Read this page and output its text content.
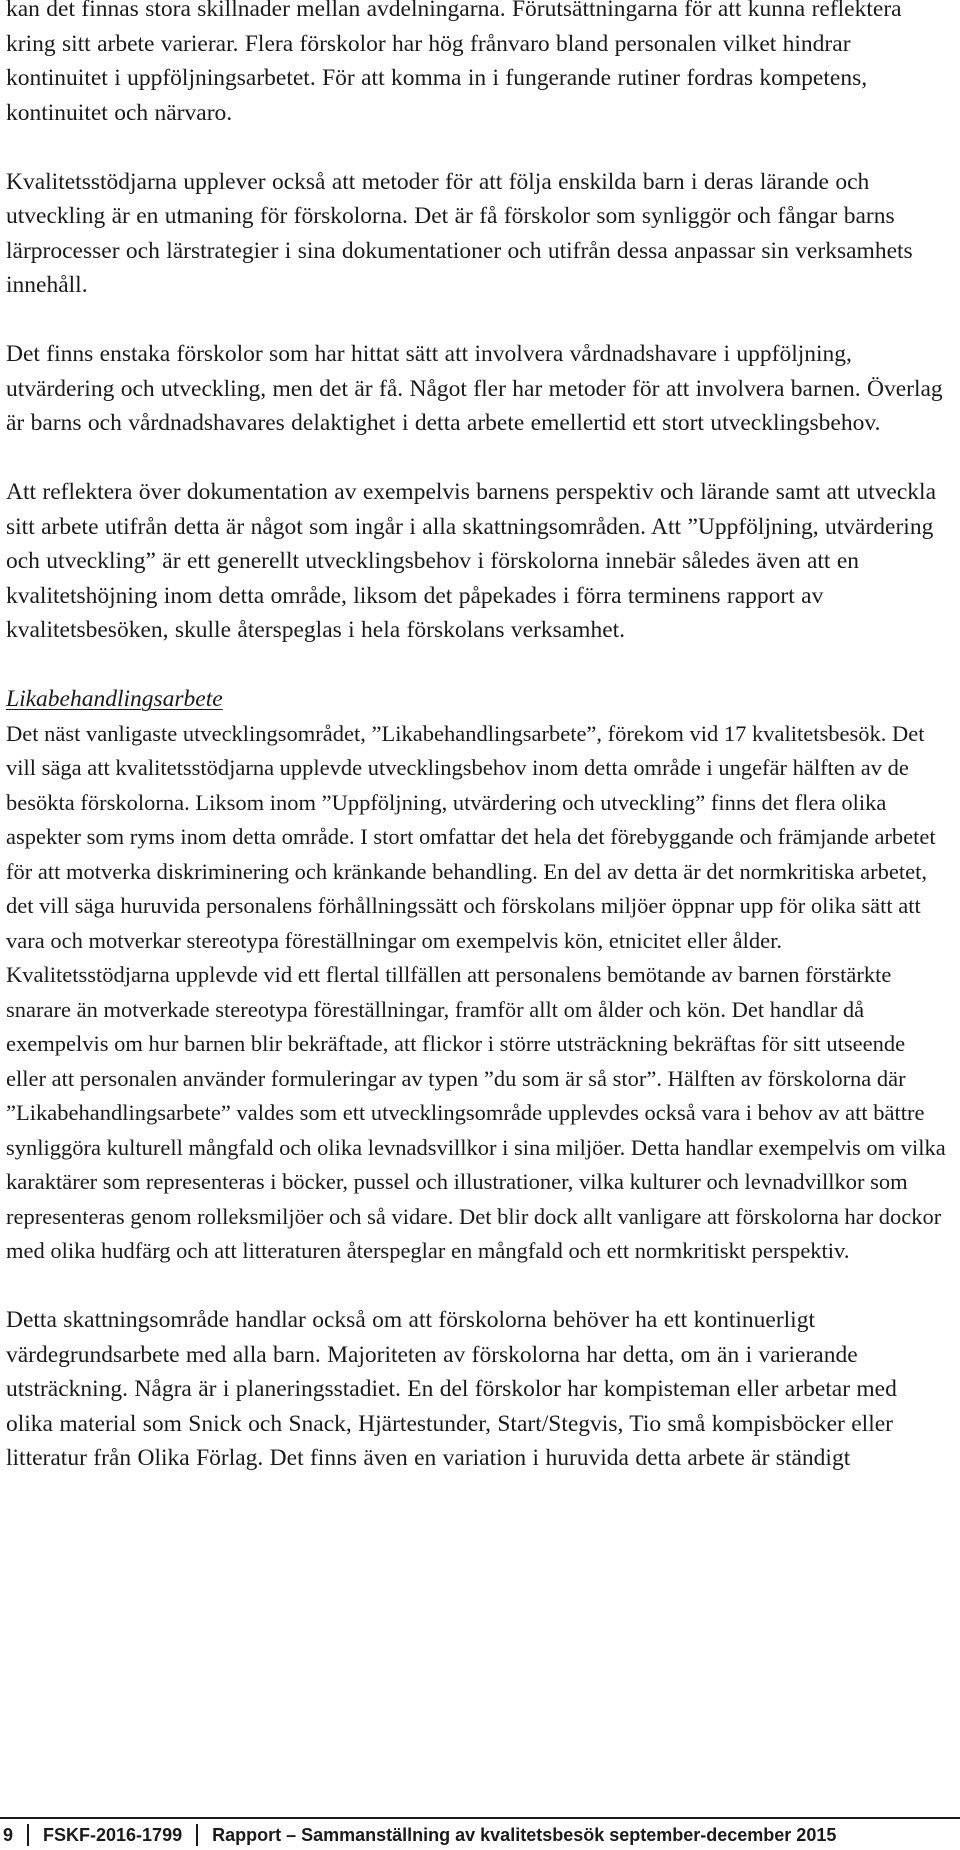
kan det finnas stora skillnader mellan avdelningarna. Förutsättningarna för att kunna reflektera kring sitt arbete varierar. Flera förskolor har hög frånvaro bland personalen vilket hindrar kontinuitet i uppföljningsarbetet. För att komma in i fungerande rutiner fordras kompetens, kontinuitet och närvaro.

Kvalitetsstödjarna upplever också att metoder för att följa enskilda barn i deras lärande och utveckling är en utmaning för förskolorna. Det är få förskolor som synliggör och fångar barns lärprocesser och lärstrategier i sina dokumentationer och utifrån dessa anpassar sin verksamhets innehåll.

Det finns enstaka förskolor som har hittat sätt att involvera vårdnadshavare i uppföljning, utvärdering och utveckling, men det är få. Något fler har metoder för att involvera barnen. Överlag är barns och vårdnadshavares delaktighet i detta arbete emellertid ett stort utvecklingsbehov.

Att reflektera över dokumentation av exempelvis barnens perspektiv och lärande samt att utveckla sitt arbete utifrån detta är något som ingår i alla skattningsområden. Att ”Uppföljning, utvärdering och utveckling” är ett generellt utvecklingsbehov i förskolorna innebär således även att en kvalitetshöjning inom detta område, liksom det påpekades i förra terminens rapport av kvalitetsbesöken, skulle återspeglas i hela förskolans verksamhet.

Likabehandlingsarbete

Det näst vanligaste utvecklingsområdet, ”Likabehandlingsarbete”, förekom vid 17 kvalitetsbesök. Det vill säga att kvalitetsstödjarna upplevde utvecklingsbehov inom detta område i ungefär hälften av de besökta förskolorna. Liksom inom ”Uppföljning, utvärdering och utveckling” finns det flera olika aspekter som ryms inom detta område. I stort omfattar det hela det förebyggande och främjande arbetet för att motverka diskriminering och kränkande behandling. En del av detta är det normkritiska arbetet, det vill säga huruvida personalens förhållningssätt och förskolans miljöer öppnar upp för olika sätt att vara och motverkar stereotypa föreställningar om exempelvis kön, etnicitet eller ålder. Kvalitetsstödjarna upplevde vid ett flertal tillfällen att personalens bemötande av barnen förstärkte snarare än motverkade stereotypa föreställningar, framför allt om ålder och kön. Det handlar då exempelvis om hur barnen blir bekräftade, att flickor i större utsträckning bekräftas för sitt utseende eller att personalen använder formuleringar av typen ”du som är så stor”. Hälften av förskolorna där ”Likabehandlingsarbete” valdes som ett utvecklingsområde upplevdes också vara i behov av att bättre synliggöra kulturell mångfald och olika levnadsvillkor i sina miljöer. Detta handlar exempelvis om vilka karaktärer som representeras i böcker, pussel och illustrationer, vilka kulturer och levnadvillkor som representeras genom rolleksmiljöer och så vidare. Det blir dock allt vanligare att förskolorna har dockor med olika hudfärg och att litteraturen återspeglar en mångfald och ett normkritiskt perspektiv.

Detta skattningsområde handlar också om att förskolorna behöver ha ett kontinuerligt värdegrundsarbete med alla barn. Majoriteten av förskolorna har detta, om än i varierande utsträckning. Några är i planeringsstadiet. En del förskolor har kompisteman eller arbetar med olika material som Snick och Snack, Hjärtestunder, Start/Stegvis, Tio små kompisböcker eller litteratur från Olika Förlag. Det finns även en variation i huruvida detta arbete är ständigt

9 FSKF-2016-1799 Rapport – Sammanställning av kvalitetsbesök september-december 2015
